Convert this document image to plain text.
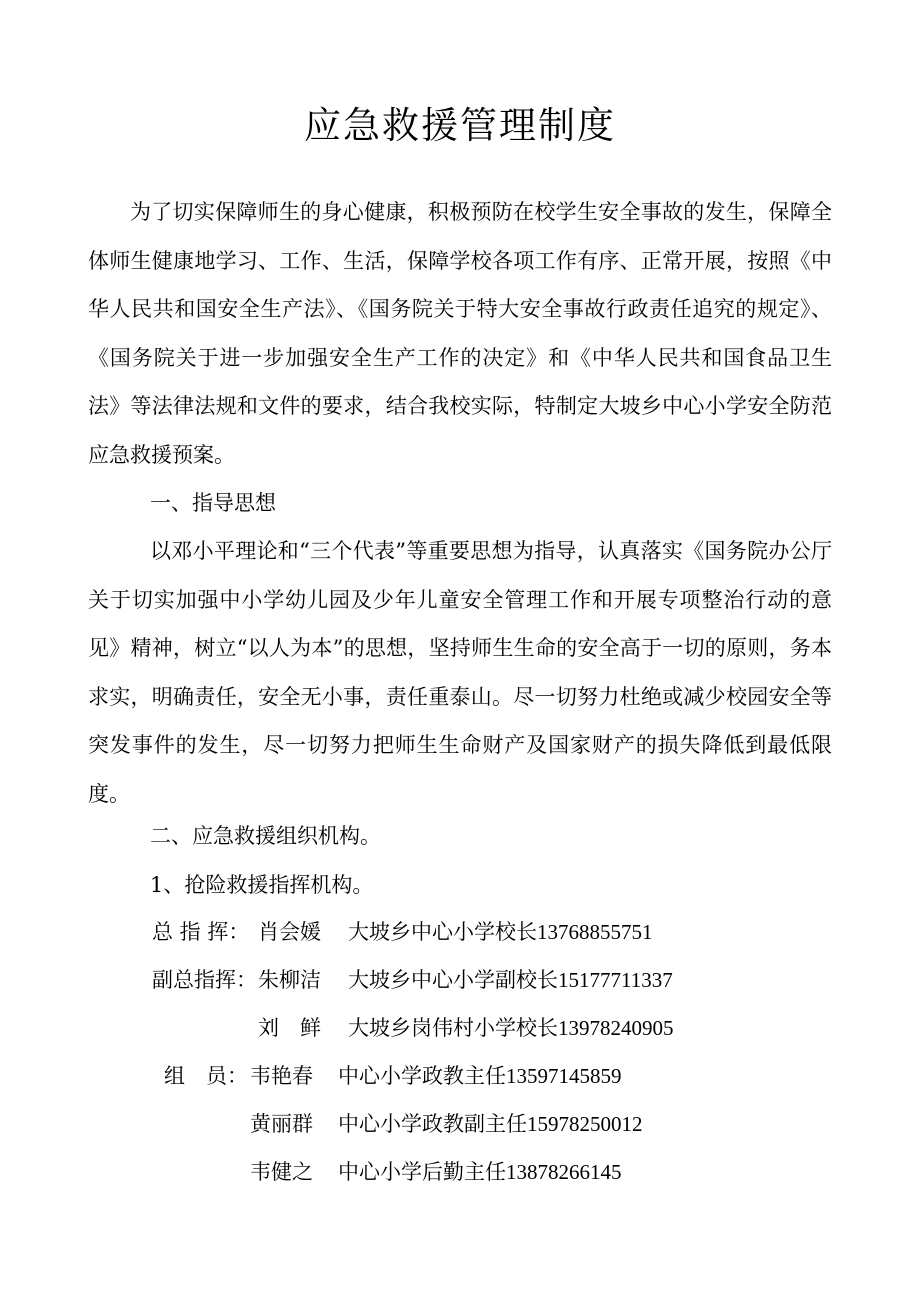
应急救援管理制度

为了切实保障师生的身心健康，积极预防在校学生安全事故的发生，保障全体师生健康地学习、工作、生活，保障学校各项工作有序、正常开展，按照《中华人民共和国安全生产法》、《国务院关于特大安全事故行政责任追究的规定》、《国务院关于进一步加强安全生产工作的决定》和《中华人民共和国食品卫生法》等法律法规和文件的要求，结合我校实际，特制定大坡乡中心小学安全防范应急救援预案。

一、指导思想

以邓小平理论和“三个代表”等重要思想为指导，认真落实《国务院办公厅关于切实加强中小学幼儿园及少年儿童安全管理工作和开展专项整治行动的意见》精神，树立“以人为本”的思想，坚持师生生命的安全高于一切的原则，务本求实，明确责任，安全无小事，责任重泰山。尽一切努力杜绝或减少校园安全等突发事件的发生，尽一切努力把师生生命财产及国家财产的损失降低到最低限度。

二、应急救援组织机构。

1、抢险救援指挥机构。

总 指 挥： 肖会媛 大坡乡中心小学校长13768855751
副总指挥： 朱柳洁 大坡乡中心小学副校长15177711337
刘　鲜 大坡乡岗伟村小学校长13978240905
组　员： 韦艳春 中心小学政教主任13597145859
黄丽群 中心小学政教副主任15978250012
韦健之 中心小学后勤主任13878266145
